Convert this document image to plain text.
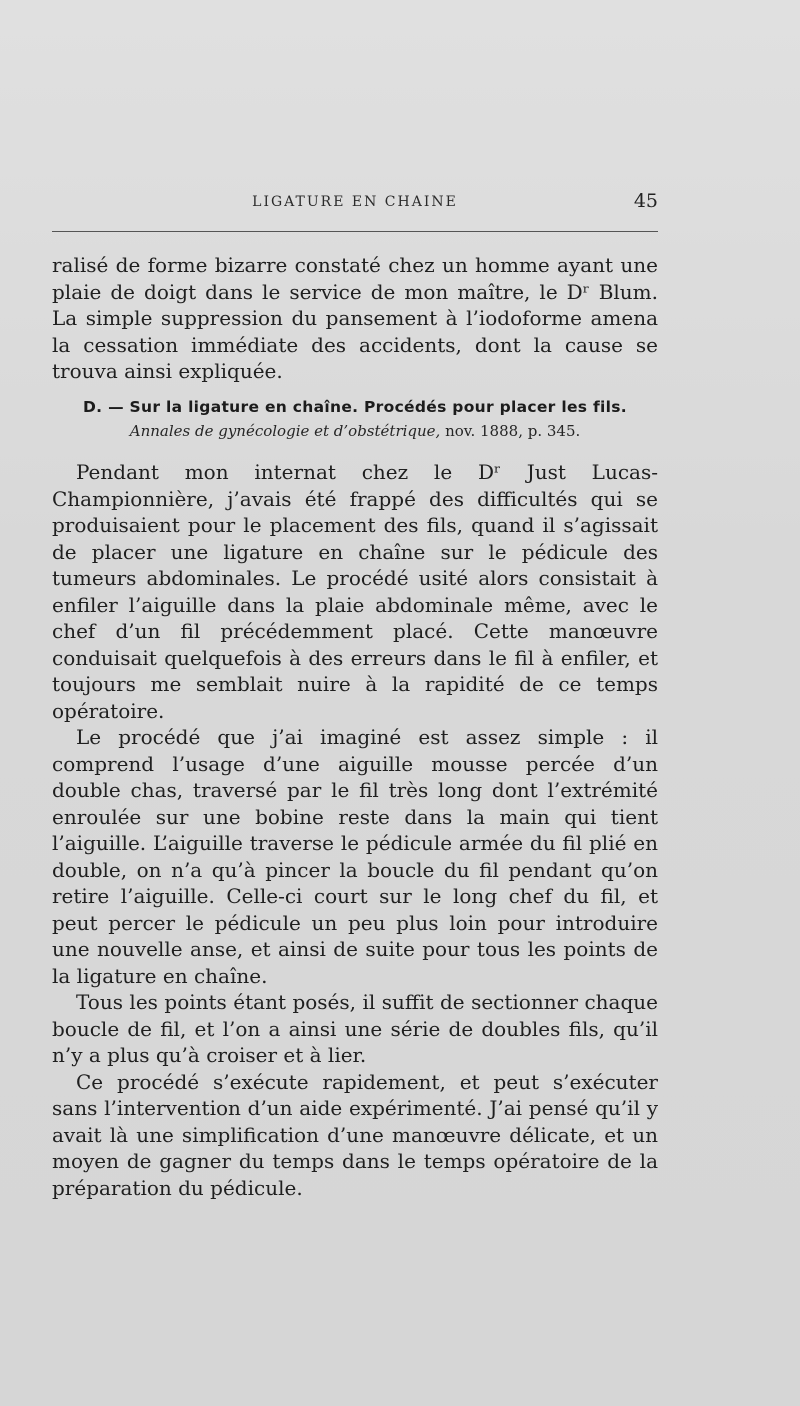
LIGATURE EN CHAINE	45

ralisé de forme bizarre constaté chez un homme ayant une plaie de doigt dans le service de mon maître, le Dʳ Blum. La simple suppression du pansement à l’iodoforme amena la cessation immédiate des accidents, dont la cause se trouva ainsi expliquée.

D. — Sur la ligature en chaîne. Procédés pour placer les fils.
Annales de gynécologie et d’obstétrique, nov. 1888, p. 345.

Pendant mon internat chez le Dʳ Just Lucas-Championnière, j’avais été frappé des difficultés qui se produisaient pour le placement des fils, quand il s’agissait de placer une ligature en chaîne sur le pédicule des tumeurs abdominales. Le procédé usité alors consistait à enfiler l’aiguille dans la plaie abdominale même, avec le chef d’un fil précédemment placé. Cette manœuvre conduisait quelquefois à des erreurs dans le fil à enfiler, et toujours me semblait nuire à la rapidité de ce temps opératoire.

Le procédé que j’ai imaginé est assez simple : il comprend l’usage d’une aiguille mousse percée d’un double chas, traversé par le fil très long dont l’extrémité enroulée sur une bobine reste dans la main qui tient l’aiguille. L’aiguille traverse le pédicule armée du fil plié en double, on n’a qu’à pincer la boucle du fil pendant qu’on retire l’aiguille. Celle-ci court sur le long chef du fil, et peut percer le pédicule un peu plus loin pour introduire une nouvelle anse, et ainsi de suite pour tous les points de la ligature en chaîne.

Tous les points étant posés, il suffit de sectionner chaque boucle de fil, et l’on a ainsi une série de doubles fils, qu’il n’y a plus qu’à croiser et à lier.

Ce procédé s’exécute rapidement, et peut s’exécuter sans l’intervention d’un aide expérimenté. J’ai pensé qu’il y avait là une simplification d’une manœuvre délicate, et un moyen de gagner du temps dans le temps opératoire de la préparation du pédicule.
